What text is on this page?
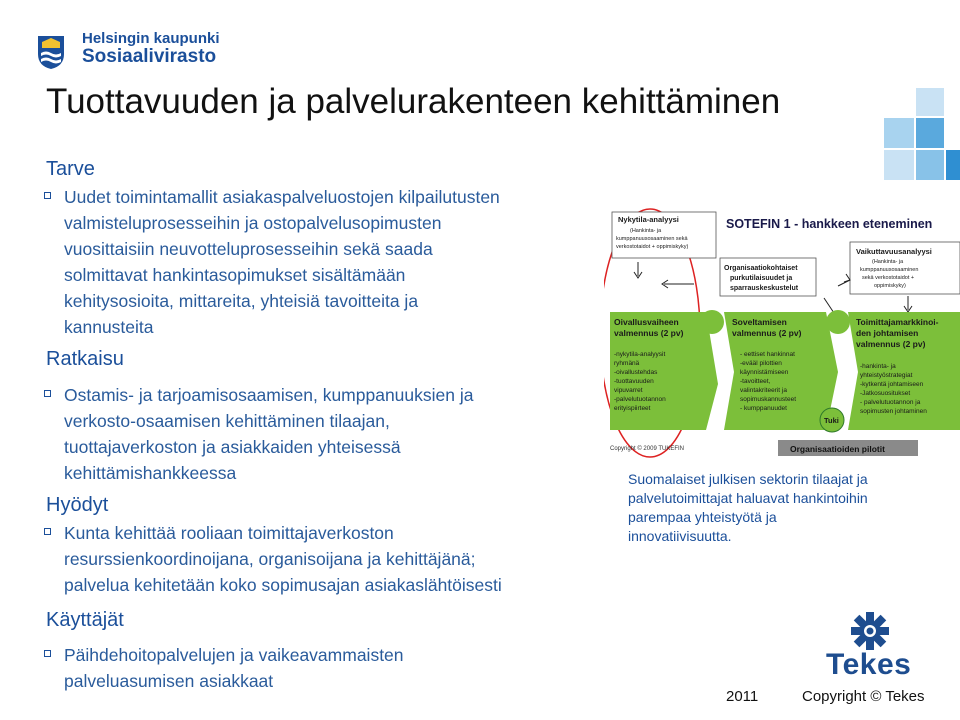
Helsingin kaupunki
Sosiaalivirasto
Tuottavuuden ja palvelurakenteen kehittäminen
Tarve
Uudet toimintamallit asiakaspalveluostojen kilpailutusten
valmisteluprosesseihin ja ostopalvelusopimusten
vuosittaisiin neuvotteluprosesseihin sekä saada
solmittavat hankintasopimukset sisältämään
kehitysosioita, mittareita, yhteisiä tavoitteita ja
kannusteita
Ratkaisu
Ostamis- ja tarjoamisosaamisen, kumppanuuksien ja
verkosto-osaamisen kehittäminen tilaajan,
tuottajaverkoston ja asiakkaiden yhteisessä
kehittämishankkeessa
Hyödyt
Kunta kehittää rooliaan toimittajaverkoston
resurssienkoordinoijana, organisoijana ja kehittäjänä;
palvelua kehitetään koko sopimusajan asiakaslähtöisesti
Käyttäjät
Päihdehoitopalvelujen ja vaikeavammaisten
palveluasumisen asiakkaat
SOTEFIN 1 - hankkeen eteneminen
Nykytila-analyysi
(Hankinta- ja
kumppanuusosaaminen sekä
verkostotaidot + oppimiskyky)
Organisaatiokohtaiset
purkutilaisuudet ja
sparrauskeskustelut
Vaikuttavuusanalyysi
(Hankinta- ja
kumppanuusosaaminen
sekä verkostotaidot +
oppimiskyky)
Oivallusvaiheen
valmennus (2 pv)
-nykytila-analyysit
ryhmänä
-oivallustehdas
-tuottavuuden
vipuvarret
-palvelutuotannon
erityispiirteet
Soveltamisen
valmennus (2 pv)
- eettiset hankinnat
-evääl pilottien
käynnistämiseen
-tavoitteet,
valintakriteerit ja
sopimuskannusteet
- kumppanuudet
Toimittajamarkkinoi-
den johtamisen
valmennus (2 pv)
-hankinta- ja
yhteistyöstrategiat
-kytkentä johtamiseen
-Jatkosuositukset
- palvelutuotannon ja
sopimusten johtaminen
Tuki
Organisaatioiden pilotit
Copyright © 2009 TUKEFIN
Suomalaiset julkisen sektorin tilaajat ja
palvelutoimittajat haluavat hankintoihin
parempaa yhteistyötä ja
innovatiivisuutta.
Tekes
2011	Copyright © Tekes
